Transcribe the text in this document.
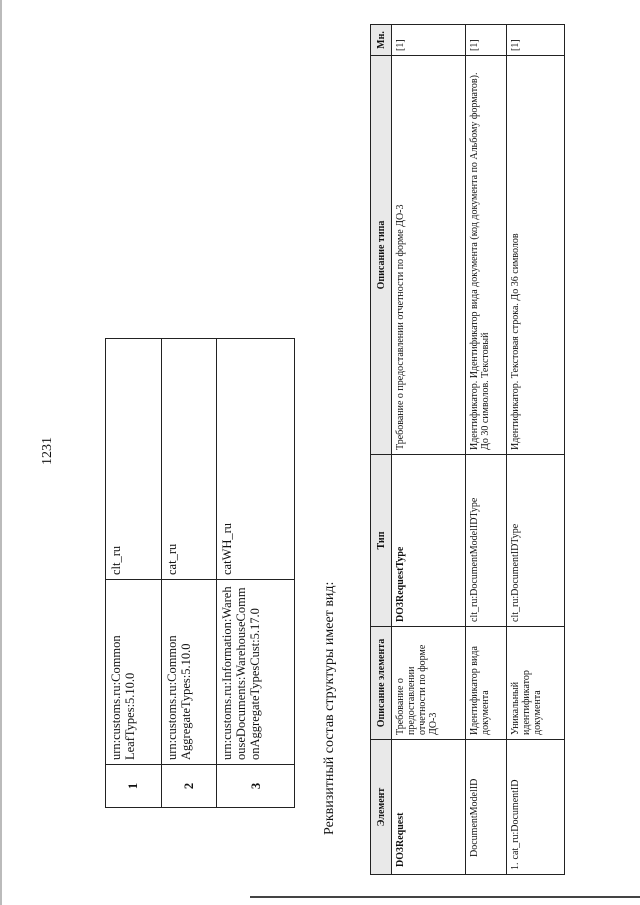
1	urn:customs.ru:Common LeafTypes:5.10.0	clt_ru
2	urn:customs.ru:Common AggregateTypes:5.10.0	cat_ru
3	urn:customs.ru:Information:WarehouseDocuments:WarehouseCommonAggregateTypesCust:5.17.0	catWH_ru
1231
Реквизитный состав структуры имеет вид:	Элемент	Описание элемента	Тип	Описание типа	Мн.
DO3Request	Требование о предоставлении отчетности по форме ДО-3	DO3RequestType	Требование о предоставлении отчетности по форме ДО-3	[1]
DocumentModelID	Идентификатор вида документа	clt_ru:DocumentModelIDType	Идентификатор. Идентификатор вида документа (код документа по Альбому форматов). До 30 символов. Текстовый	[1]
1.cat_ru:DocumentID	Уникальный идентификатор документа	clt_ru:DocumentIDType	Идентификатор. Текстовая строка. До 36 символов	[1]
